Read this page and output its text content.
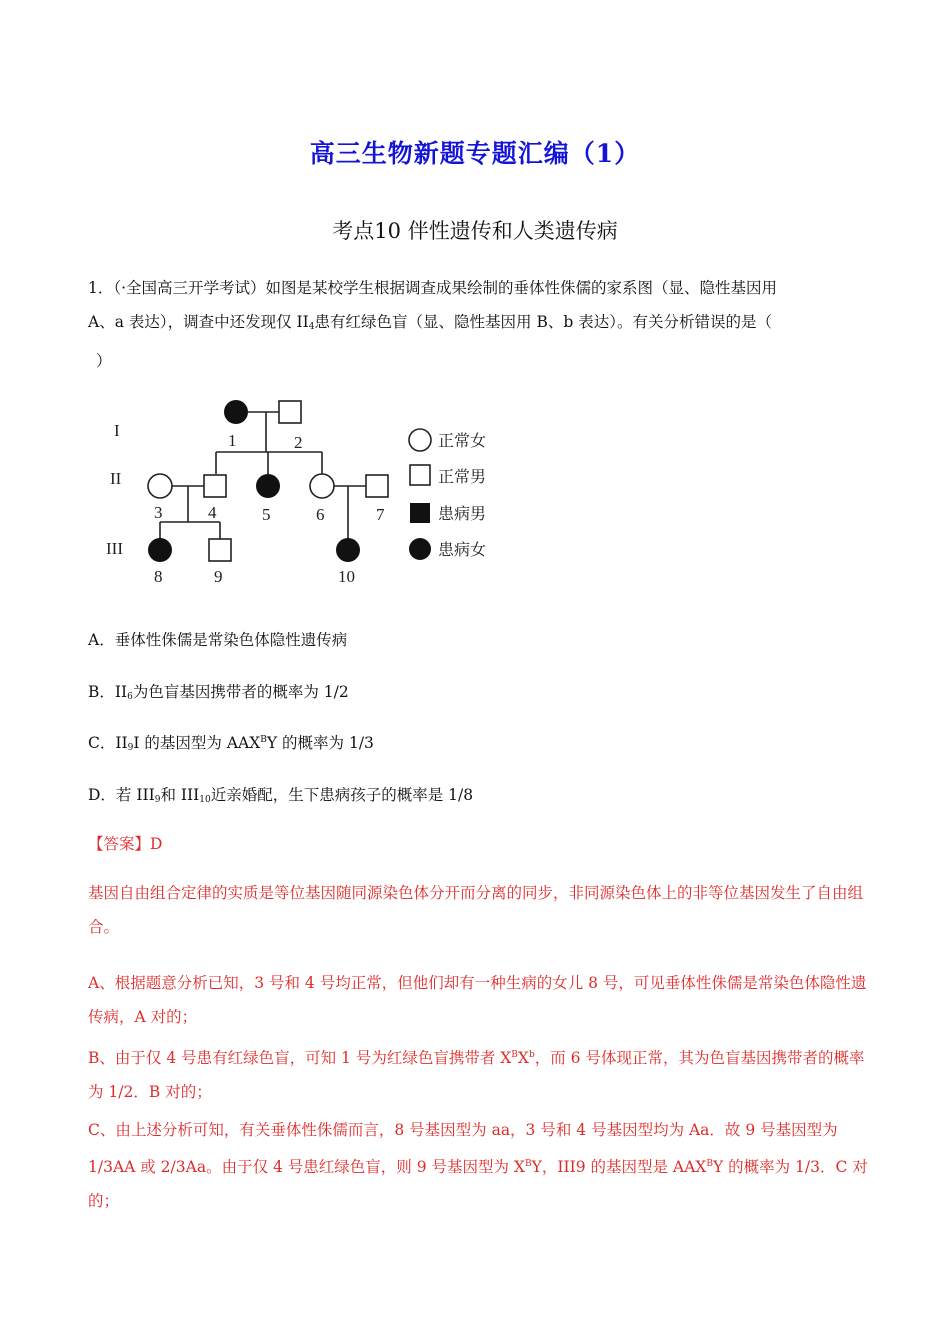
高三生物新题专题汇编（1）
考点10 伴性遗传和人类遗传病
1．（·全国高三开学考试）如图是某校学生根据调查成果绘制的垂体性侏儒的家系图（显、隐性基因用
A、a 表达），调查中还发现仅 $II_4$患有红绿色盲（显、隐性基因用 B、b 表达）。有关分析错误的是（
）
I
II
III
1	2
3	4	5	6	7
8	9	10
正常女
正常男
患病男
患病女
A．垂体性侏儒是常染色体隐性遗传病
B．$II_6$为色盲基因携带者的概率为 1/2
C．$II_9I$ 的基因型为 $AAX^BY$ 的概率为 1/3
D．若 $III_9$和 $III_{10}$近亲婚配，生下患病孩子的概率是 1/8
【答案】D
基因自由组合定律的实质是等位基因随同源染色体分开而分离的同步，非同源染色体上的非等位基因发生了自由组合。
A、根据题意分析已知，3 号和 4 号均正常，但他们却有一种生病的女儿 8 号，可见垂体性侏儒是常染色体隐性遗传病，A 对的；
B、由于仅 4 号患有红绿色盲，可知 1 号为红绿色盲携带者 $X^BX^b$，而 6 号体现正常，其为色盲基因携带者的概率为 1/2．B 对的；
C、由上述分析可知，有关垂体性侏儒而言，8 号基因型为 aa，3 号和 4 号基因型均为 Aa．故 9 号基因型为 1/3AA 或 2/3Aa。由于仅 4 号患红绿色盲，则 9 号基因型为 $X^BY$，III9 的基因型是 $AAX^BY$ 的概率为 1/3．C 对的；
